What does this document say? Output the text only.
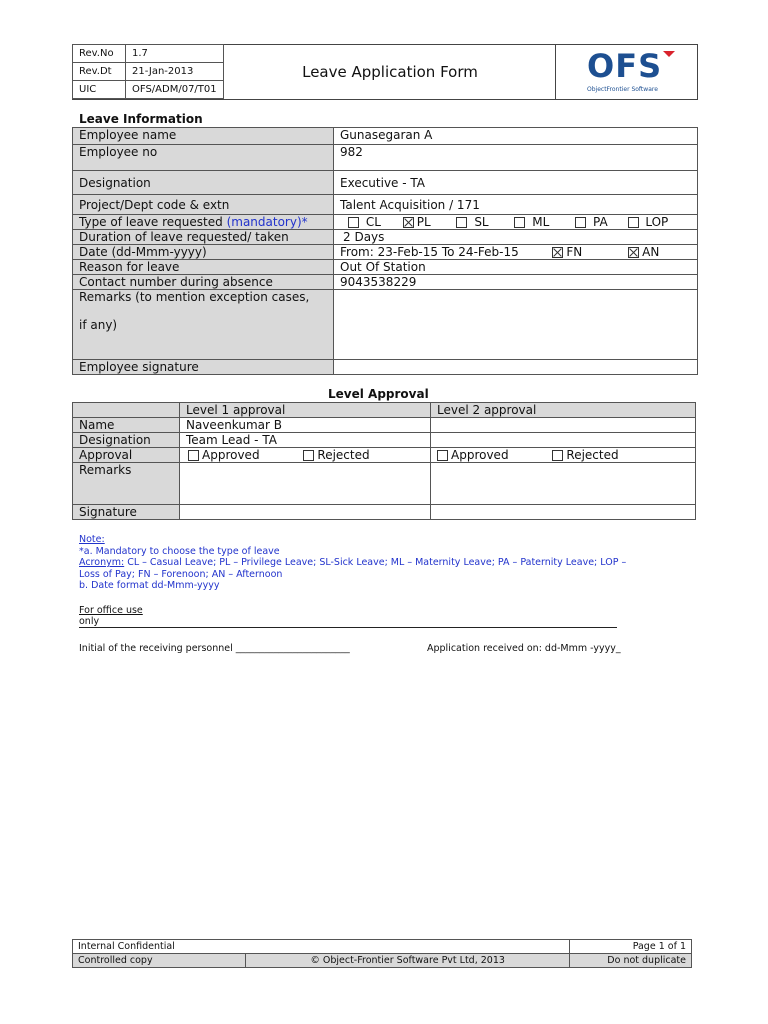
Rev.No	1.7
Rev.Dt	21-Jan-2013
UIC	OFS/ADM/07/T01
Leave Application Form	OFS
ObjectFrontier Software
Leave Information
Employee name	Gunasegaran A
Employee no	982
Designation	Executive - TA
Project/Dept code & extn	Talent Acquisition / 171
Type of leave requested (mandatory)*	CL PL SL ML PA LOP
Duration of leave requested/ taken	2 Days
Date (dd-Mmm-yyyy)	From: 23-Feb-15 To 24-Feb-15 FN AN
Reason for leave	Out Of Station
Contact number during absence	9043538229

Remarks (to mention exception cases,
if any)	

Employee signature	
Level Approval
	Level 1 approval	Level 2 approval
Name	Naveenkumar B	
Designation	Team Lead - TA	
Approval	Approved Rejected	Approved Rejected
Remarks		
Signature		
Note:
*a. Mandatory to choose the type of leave
Acronym: CL – Casual Leave; PL – Privilege Leave; SL-Sick Leave; ML – Maternity Leave; PA – Paternity Leave; LOP –
Loss of Pay; FN – Forenoon; AN – Afternoon
b. Date format dd-Mmm-yyyy
For office use
only
Initial of the receiving personnel ________________________	Application received on: dd-Mmm -yyyy_
Internal Confidential		Page 1 of 1
Controlled copy	© Object-Frontier Software Pvt Ltd, 2013	Do not duplicate
